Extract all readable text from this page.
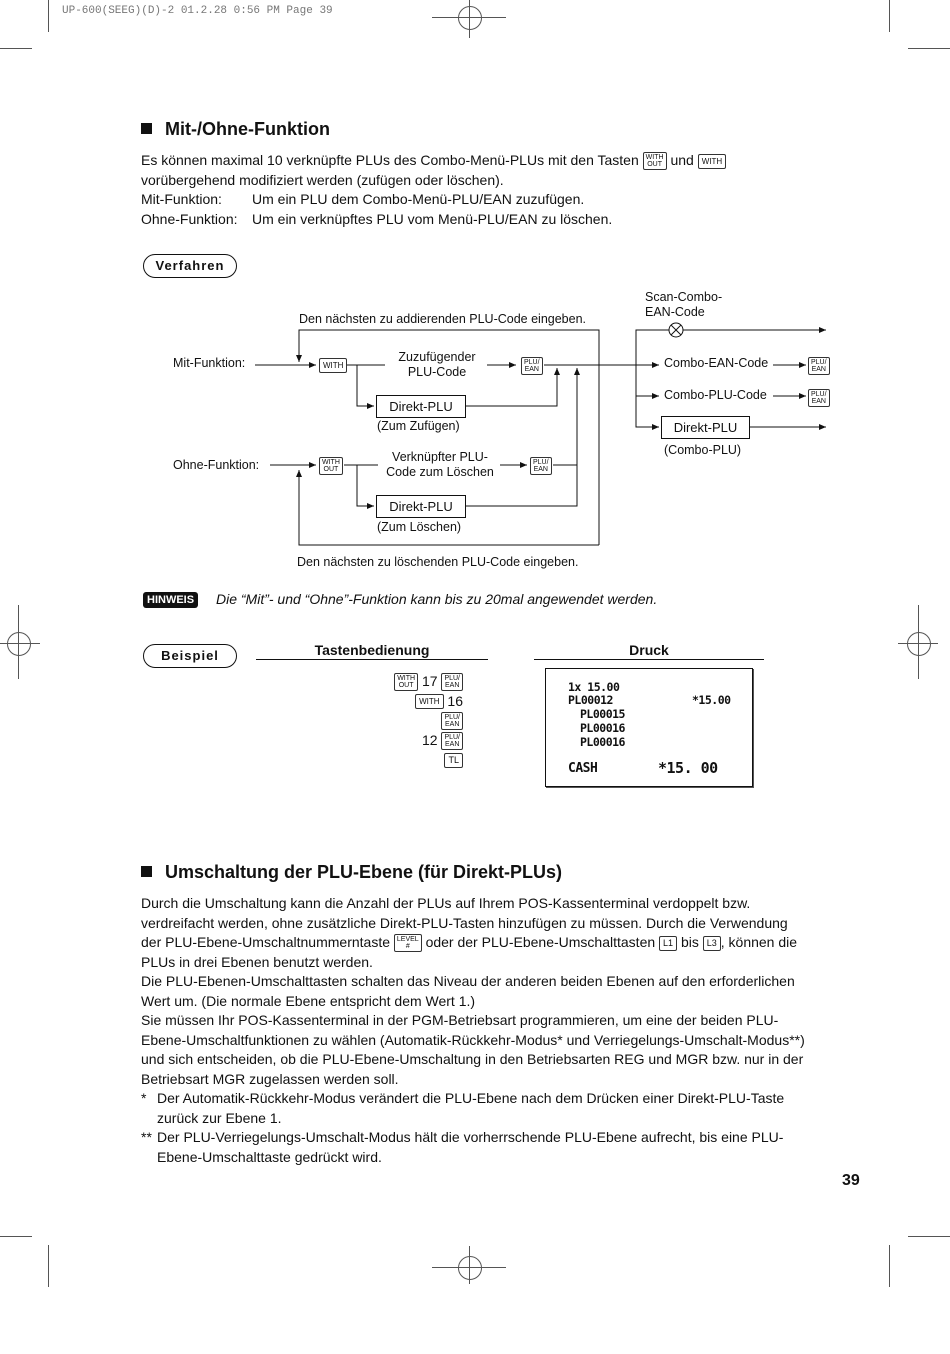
UP-600(SEEG)(D)-2 01.2.28 0:56 PM Page 39
Mit-/Ohne-Funktion
Es können maximal 10 verknüpfte PLUs des Combo-Menü-PLUs mit den Tasten WITH
OUT und WITH
vorübergehend modifiziert werden (zufügen oder löschen).
Mit-Funktion: Um ein PLU dem Combo-Menü-PLU/EAN zuzufügen.
Ohne-Funktion: Um ein verknüpftes PLU vom Menü-PLU/EAN zu löschen.
Verfahren
Scan-Combo-
EAN-Code
Den nächsten zu addierenden PLU-Code eingeben.
Mit-Funktion:	WITH
Zuzufügender
PLU-Code
PLU/
EAN	Combo-EAN-Code	PLU/
EAN
Combo-PLU-Code	PLU/
EAN
Direkt-PLU
(Zum Zufügen)	Direkt-PLU
(Combo-PLU)
Ohne-Funktion:	WITH
OUT
Verknüpfter PLU-
Code zum Löschen
PLU/
EAN
Direkt-PLU
(Zum Löschen)
Den nächsten zu löschenden PLU-Code eingeben.
HINWEIS Die “Mit”- und “Ohne”-Funktion kann bis zu 20mal angewendet werden.
Beispiel	Tastenbedienung	Druck
WITH
OUT 17 PLU/
EAN
WITH 16 PLU/
EAN
12 PLU/
EAN
TL
1x 15.00
PL00012	*15.00
PL00015
PL00016
PL00016
CASH	*15. 00
Umschaltung der PLU-Ebene (für Direkt-PLUs)
Durch die Umschaltung kann die Anzahl der PLUs auf Ihrem POS-Kassenterminal verdoppelt bzw.
verdreifacht werden, ohne zusätzliche Direkt-PLU-Tasten hinzufügen zu müssen. Durch die Verwendung
der PLU-Ebene-Umschaltnummerntaste LEVEL
# oder der PLU-Ebene-Umschalttasten L1 bis L3 , können die
PLUs in drei Ebenen benutzt werden.
Die PLU-Ebenen-Umschalttasten schalten das Niveau der anderen beiden Ebenen auf den erforderlichen
Wert um. (Die normale Ebene entspricht dem Wert 1.)
Sie müssen Ihr POS-Kassenterminal in der PGM-Betriebsart programmieren, um eine der beiden PLU-
Ebene-Umschaltfunktionen zu wählen (Automatik-Rückkehr-Modus* und Verriegelungs-Umschalt-Modus**)
und sich entscheiden, ob die PLU-Ebene-Umschaltung in den Betriebsarten REG und MGR bzw. nur in der
Betriebsart MGR zugelassen werden soll.
* Der Automatik-Rückkehr-Modus verändert die PLU-Ebene nach dem Drücken einer Direkt-PLU-Taste
zurück zur Ebene 1.
** Der PLU-Verriegelungs-Umschalt-Modus hält die vorherrschende PLU-Ebene aufrecht, bis eine PLU-
Ebene-Umschalttaste gedrückt wird.
39
